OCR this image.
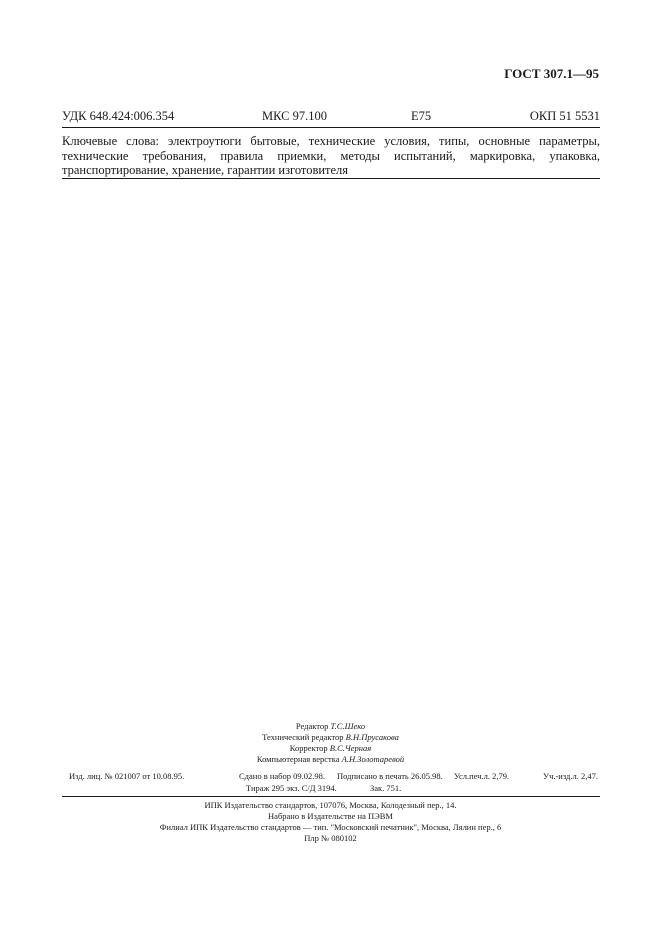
ГОСТ 307.1—95
УДК 648.424:006.354	МКС 97.100	Е75	ОКП 51 5531
Ключевые слова: электроутюги бытовые, технические условия, типы, основные параметры, технические требования, правила приемки, методы испытаний, маркировка, упаковка, транспортирование, хранение, гарантии изготовителя
Редактор Т.С.Шеко
Технический редактор В.Н.Прусакова
Корректор В.С.Черная
Компьютерная верстка А.Н.Золотаревой
Изд. лиц. № 021007 от 10.08.95.	Сдано в набор 09.02.98. Подписано в печать 26.05.98. Усл.печ.л. 2,79.	Уч.-изд.л. 2,47.
Тираж 295 экз. С/Д 3194.	Зак. 751.
ИПК Издательство стандартов, 107076, Москва, Колодезный пер., 14.
Набрано в Издательстве на ПЭВМ
Филиал ИПК Издательство стандартов — тип. "Московский печатник", Москва, Лялин пер., 6
Плр № 080102
